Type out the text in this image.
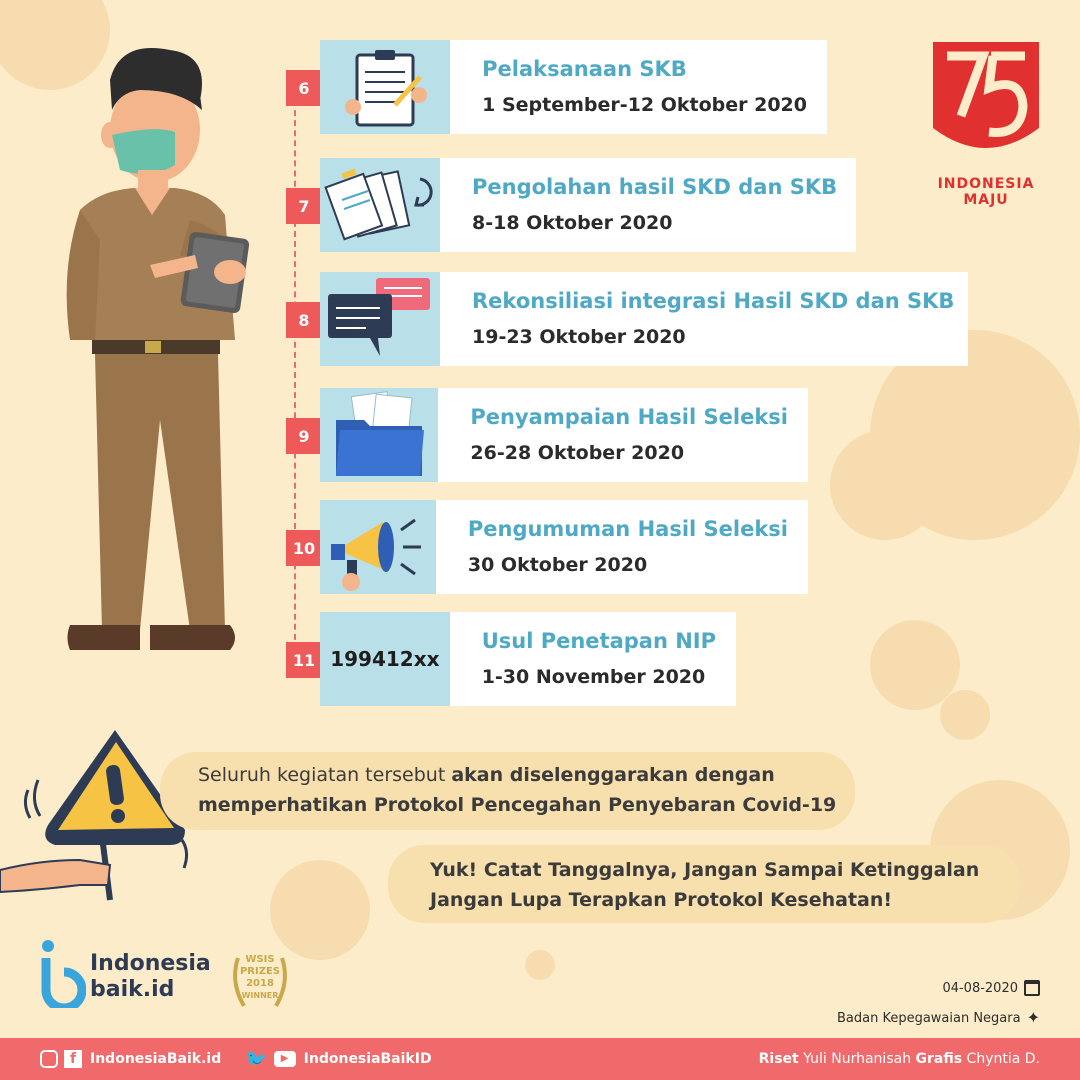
6
Pelaksanaan SKB
1 September-12 Oktober 2020
7
Pengolahan hasil SKD dan SKB
8-18 Oktober 2020
8
Rekonsiliasi integrasi Hasil SKD dan SKB
19-23 Oktober 2020
9
Penyampaian Hasil Seleksi
26-28 Oktober 2020
10
Pengumuman Hasil Seleksi
30 Oktober 2020
11 199412xx
Usul Penetapan NIP
1-30 November 2020
INDONESIA
MAJU
Seluruh kegiatan tersebut akan diselenggarakan dengan
memperhatikan Protokol Pencegahan Penyebaran Covid-19
Yuk! Catat Tanggalnya, Jangan Sampai Ketinggalan
Jangan Lupa Terapkan Protokol Kesehatan!
Indonesia
baik.id
WSIS
PRIZES
2018
WINNER	04-08-2020
Badan Kepegawaian Negara ✦
f IndonesiaBaik.id 🐦	▶	IndonesiaBaikID	Riset Yuli Nurhanisah Grafis Chyntia D.
